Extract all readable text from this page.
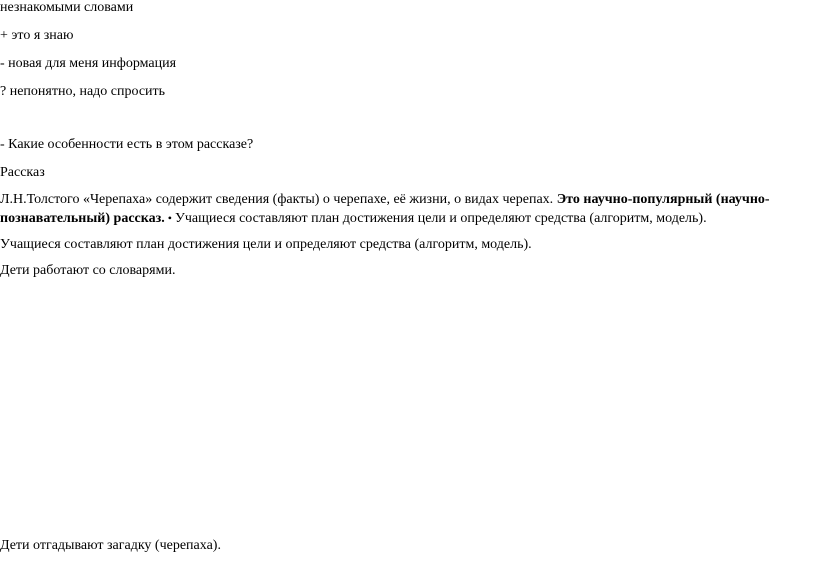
незнакомыми словами

+ это я знаю

- новая для меня информация

? непонятно, надо спросить

- Какие особенности есть в этом рассказе?

Рассказ

Л.Н.Толстого «Черепаха» содержит сведения (факты) о черепахе, её жизни, о видах черепах. Это научно-популярный (научно-познавательный) рассказ. • Учащиеся составляют план достижения цели и определяют средства (алгоритм, модель).

Учащиеся составляют план достижения цели и определяют средства (алгоритм, модель).

Дети работают со словарями.

Дети отгадывают загадку (черепаха).
